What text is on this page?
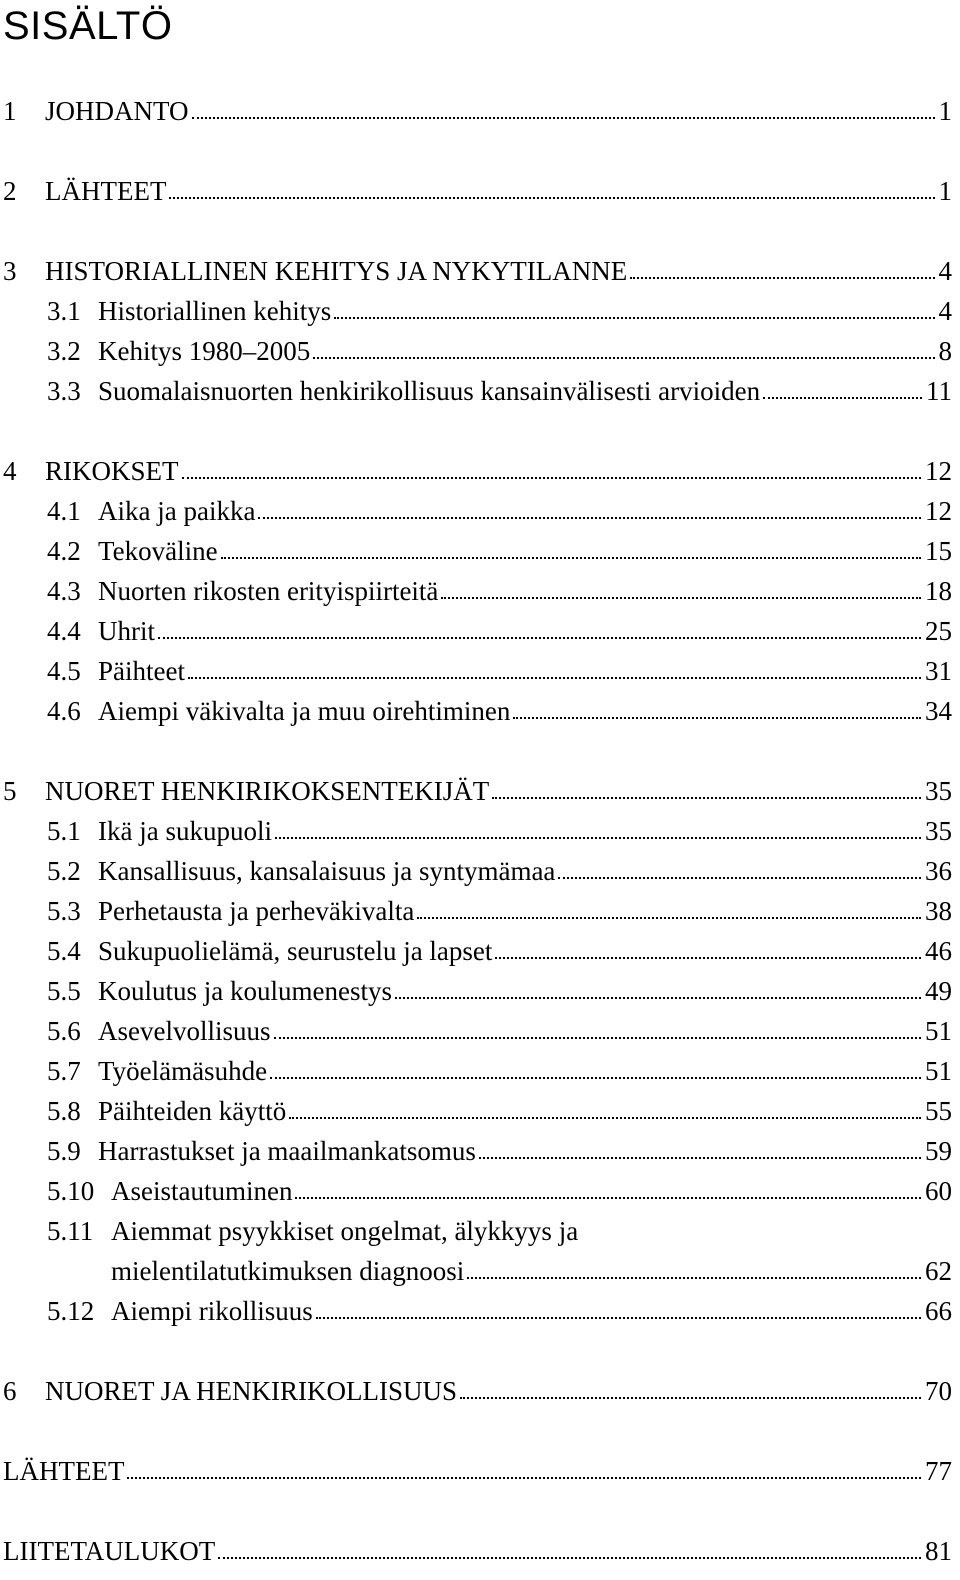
SISÄLTÖ
1	JOHDANTO	1
2	LÄHTEET	1
3	HISTORIALLINEN KEHITYS JA NYKYTILANNE	4
3.1 Historiallinen kehitys	4
3.2 Kehitys 1980–2005	8
3.3 Suomalaisnuorten henkirikollisuus kansainvälisesti arvioiden	11
4	RIKOKSET	12
4.1 Aika ja paikka	12
4.2 Tekoväline	15
4.3 Nuorten rikosten erityispiirteitä	18
4.4 Uhrit	25
4.5 Päihteet	31
4.6 Aiempi väkivalta ja muu oirehtiminen	34
5	NUORET HENKIRIKOKSENTEKIJÄT	35
5.1 Ikä ja sukupuoli	35
5.2 Kansallisuus, kansalaisuus ja syntymämaa	36
5.3 Perhetausta ja perheväkivalta	38
5.4 Sukupuolielämä, seurustelu ja lapset	46
5.5 Koulutus ja koulumenestys	49
5.6 Asevelvollisuus	51
5.7 Työelämäsuhde	51
5.8 Päihteiden käyttö	55
5.9 Harrastukset ja maailmankatsomus	59
5.10 Aseistautuminen	60
5.11 Aiemmat psyykkiset ongelmat, älykkyys ja
mielentilatutkimuksen diagnoosi	62
5.12 Aiempi rikollisuus	66
6	NUORET JA HENKIRIKOLLISUUS	70
LÄHTEET	77
LIITETAULUKOT	81
